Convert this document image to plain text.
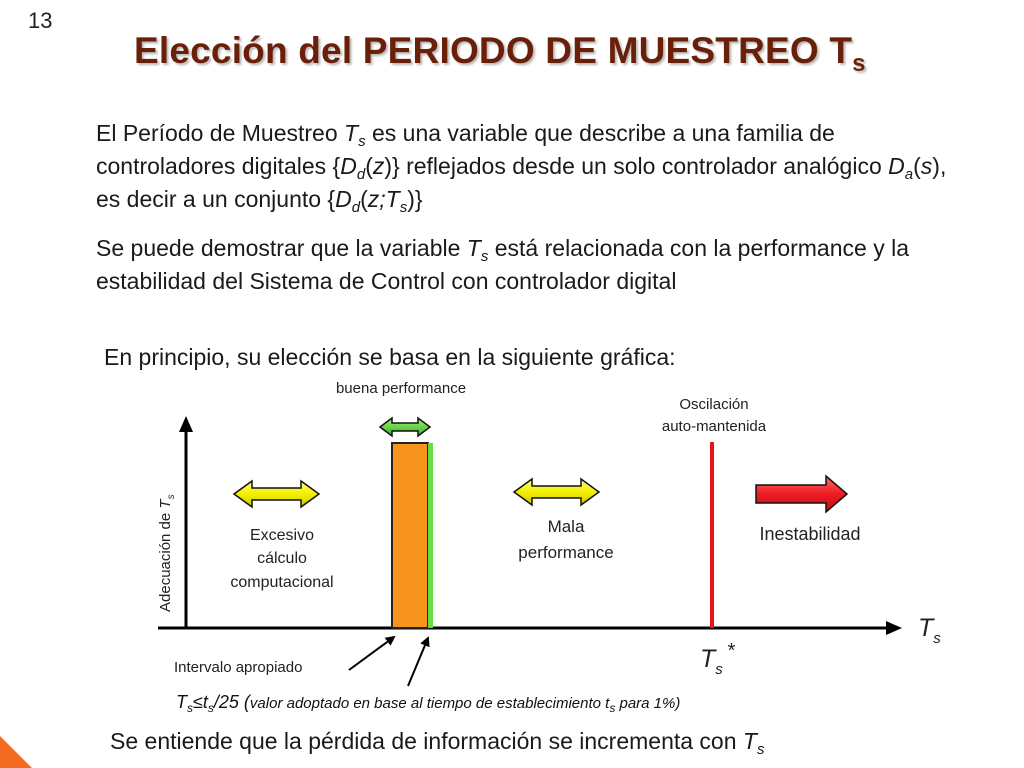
13
Elección del PERIODO DE MUESTREO $T_s$
El Período de Muestreo $T_s$ es una variable que describe a una familia de controladores digitales $\{D_d(z)\}$ reflejados desde un solo controlador analógico $D_a(s)$, es decir a un conjunto $\{D_d(z;T_s)\}$
Se puede demostrar que la variable $T_s$ está relacionada con la performance y la estabilidad del Sistema de Control con controlador digital
En principio, su elección se basa en la siguiente gráfica:
Adecuación de $T_s$
$T_s$
buena performance
Oscilación
auto-mantenida
Excesivo
cálculo
computacional
Mala
performance
Inestabilidad
$T_s^*$
Intervalo apropiado
$T_s\le t_s/25$ (valor adoptado en base al tiempo de establecimiento $t_s$ para 1%)
Se entiende que la pérdida de información se incrementa con $T_s$
